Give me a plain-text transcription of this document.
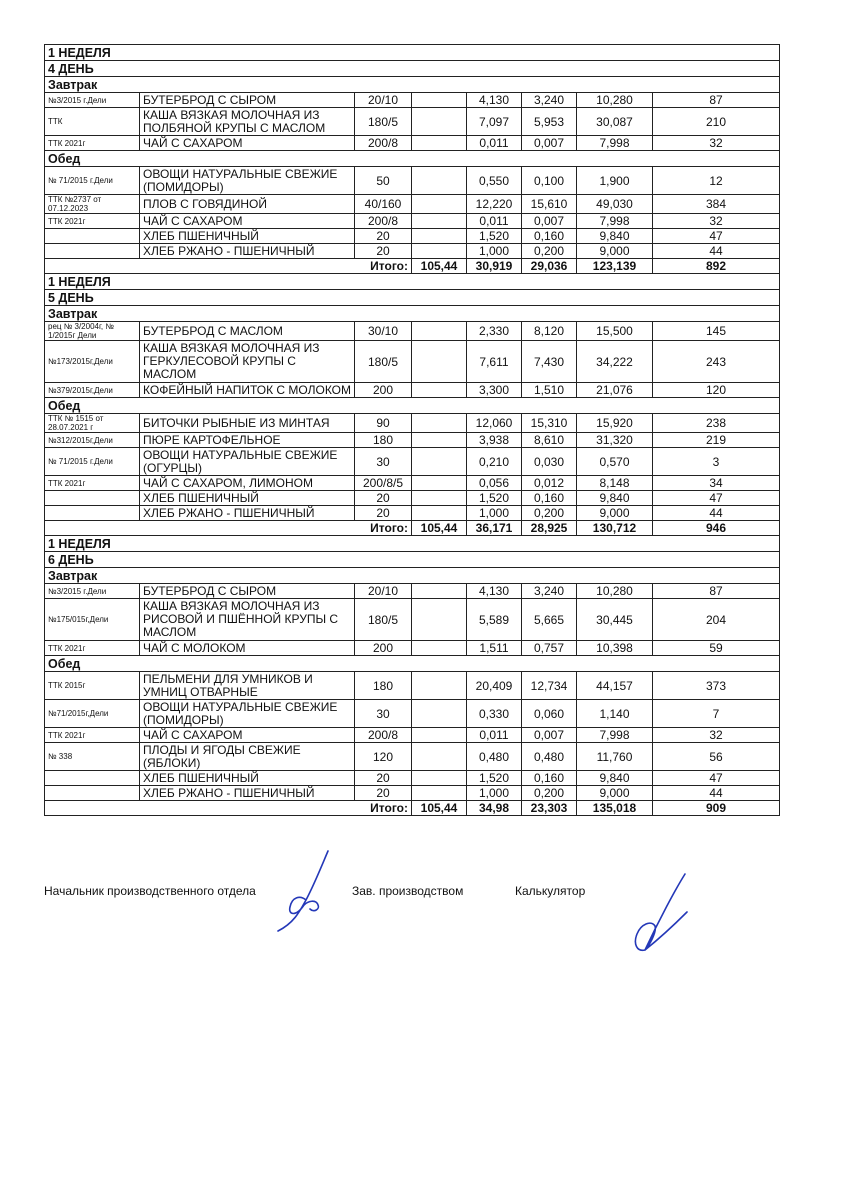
1 НЕДЕЛЯ							
4 ДЕНЬ							
Завтрак							
№3/2015 г.Дели	БУТЕРБРОД С СЫРОМ	20/10		4,130	3,240	10,280	87
ТТК	КАША ВЯЗКАЯ МОЛОЧНАЯ ИЗ ПОЛБЯНОЙ КРУПЫ С МАСЛОМ	180/5		7,097	5,953	30,087	210
ТТК 2021г	ЧАЙ С САХАРОМ	200/8		0,011	0,007	7,998	32
Обед							
№ 71/2015 г.Дели	ОВОЩИ НАТУРАЛЬНЫЕ СВЕЖИЕ (ПОМИДОРЫ)	50		0,550	0,100	1,900	12
ТТК №2737 от 07.12.2023	ПЛОВ С ГОВЯДИНОЙ	40/160		12,220	15,610	49,030	384
ТТК 2021г	ЧАЙ С САХАРОМ	200/8		0,011	0,007	7,998	32
	ХЛЕБ ПШЕНИЧНЫЙ	20		1,520	0,160	9,840	47
	ХЛЕБ РЖАНО - ПШЕНИЧНЫЙ	20		1,000	0,200	9,000	44
Итого:			105,44	30,919	29,036	123,139	892
1 НЕДЕЛЯ							
5 ДЕНЬ							
Завтрак							
рец № 3/2004г, № 1/2015г Дели	БУТЕРБРОД С МАСЛОМ	30/10		2,330	8,120	15,500	145
№173/2015г,Дели	КАША ВЯЗКАЯ МОЛОЧНАЯ ИЗ ГЕРКУЛЕСОВОЙ КРУПЫ С МАСЛОМ	180/5		7,611	7,430	34,222	243
№379/2015г,Дели	КОФЕЙНЫЙ НАПИТОК С МОЛОКОМ	200		3,300	1,510	21,076	120
Обед							
ТТК № 1515 от 28.07.2021 г	БИТОЧКИ РЫБНЫЕ ИЗ МИНТАЯ	90		12,060	15,310	15,920	238
№312/2015г,Дели	ПЮРЕ КАРТОФЕЛЬНОЕ	180		3,938	8,610	31,320	219
№ 71/2015 г.Дели	ОВОЩИ НАТУРАЛЬНЫЕ СВЕЖИЕ (ОГУРЦЫ)	30		0,210	0,030	0,570	3
ТТК 2021г	ЧАЙ С САХАРОМ, ЛИМОНОМ	200/8/5		0,056	0,012	8,148	34
	ХЛЕБ ПШЕНИЧНЫЙ	20		1,520	0,160	9,840	47
	ХЛЕБ РЖАНО - ПШЕНИЧНЫЙ	20		1,000	0,200	9,000	44
Итого:			105,44	36,171	28,925	130,712	946
1 НЕДЕЛЯ							
6 ДЕНЬ							
Завтрак							
№3/2015 г.Дели	БУТЕРБРОД С СЫРОМ	20/10		4,130	3,240	10,280	87
№175/015г,Дели	КАША ВЯЗКАЯ МОЛОЧНАЯ ИЗ РИСОВОЙ И ПШЁННОЙ КРУПЫ С МАСЛОМ	180/5		5,589	5,665	30,445	204
ТТК 2021г	ЧАЙ С МОЛОКОМ	200		1,511	0,757	10,398	59
Обед							
ТТК 2015г	ПЕЛЬМЕНИ ДЛЯ УМНИКОВ И УМНИЦ ОТВАРНЫЕ	180		20,409	12,734	44,157	373
№71/2015г,Дели	ОВОЩИ НАТУРАЛЬНЫЕ СВЕЖИЕ (ПОМИДОРЫ)	30		0,330	0,060	1,140	7
ТТК 2021г	ЧАЙ С САХАРОМ	200/8		0,011	0,007	7,998	32
№ 338	ПЛОДЫ И ЯГОДЫ СВЕЖИЕ (ЯБЛОКИ)	120		0,480	0,480	11,760	56
	ХЛЕБ ПШЕНИЧНЫЙ	20		1,520	0,160	9,840	47
	ХЛЕБ РЖАНО - ПШЕНИЧНЫЙ	20		1,000	0,200	9,000	44
Итого:			105,44	34,98	23,303	135,018	909
Начальник производственного отдела	Зав. производством	Калькулятор
